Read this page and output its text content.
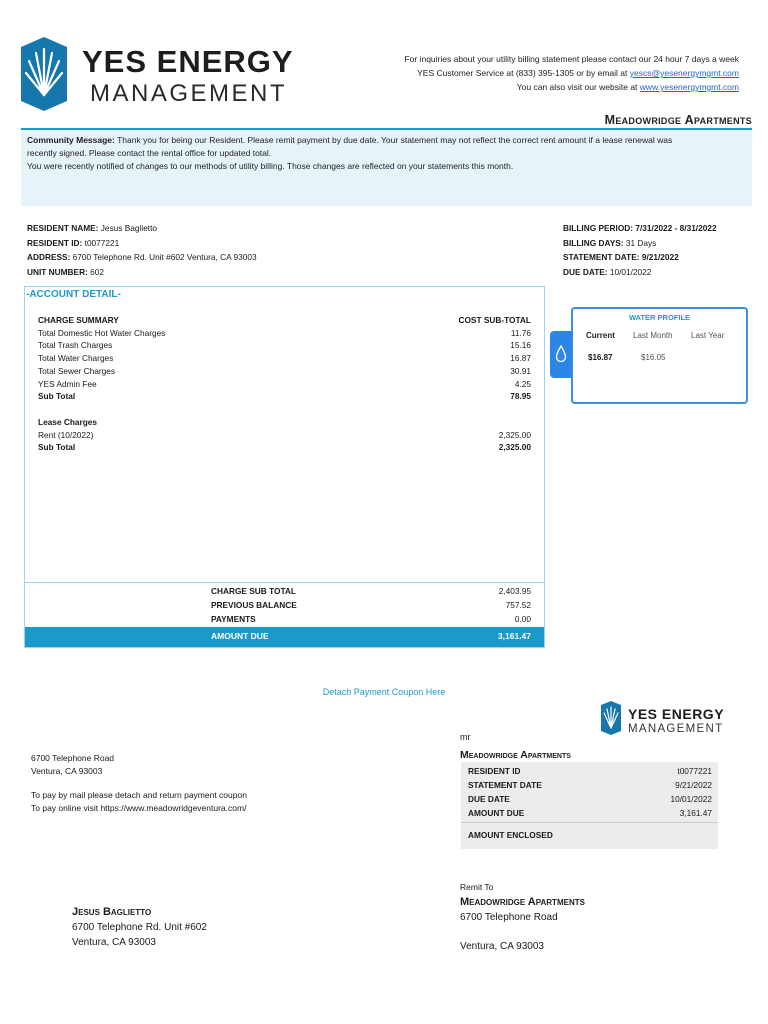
YES ENERGY
MANAGEMENT
For inquiries about your utility billing statement please contact our 24 hour 7 days a week
YES Customer Service at (833) 395-1305 or by email at yescs@yesenergymgmt.com
You can also visit our website at www.yesenergymgmt.com
Meadowridge Apartments
Community Message: Thank you for being our Resident. Please remit payment by due date. Your statement may not reflect the correct rent amount if a lease renewal was
recently signed. Please contact the rental office for updated total.
You were recently notified of changes to our methods of utility billing. Those changes are reflected on your statements this month.
RESIDENT NAME: Jesus Baglietto
RESIDENT ID: t0077221
ADDRESS: 6700 Telephone Rd. Unit #602 Ventura, CA 93003
UNIT NUMBER: 602
BILLING PERIOD: 7/31/2022 - 8/31/2022
BILLING DAYS: 31 Days
STATEMENT DATE: 9/21/2022
DUE DATE: 10/01/2022
-ACCOUNT DETAIL-
CHARGE SUMMARY	COST SUB-TOTAL
Total Domestic Hot Water Charges	11.76
Total Trash Charges	15.16
Total Water Charges	16.87
Total Sewer Charges	30.91
YES Admin Fee	4.25
Sub Total	78.95
Lease Charges
Rent (10/2022)	2,325.00
Sub Total	2,325.00
CHARGE SUB TOTAL	2,403.95
PREVIOUS BALANCE	757.52
PAYMENTS	0.00
AMOUNT DUE	3,161.47
WATER PROFILE
Current Last Month Last Year
$16.87	$16.05
Detach Payment Coupon Here
YES ENERGY
MANAGEMENT
mr
Meadowridge Apartments
RESIDENT ID	t0077221
STATEMENT DATE	9/21/2022
DUE DATE	10/01/2022
AMOUNT DUE	3,161.47
AMOUNT ENCLOSED
6700 Telephone Road
Ventura, CA 93003
To pay by mail please detach and return payment coupon
To pay online visit https://www.meadowridgeventura.com/
Remit To
Meadowridge Apartments
6700 Telephone Road
Ventura, CA 93003
Jesus Baglietto
6700 Telephone Rd. Unit #602
Ventura, CA 93003
